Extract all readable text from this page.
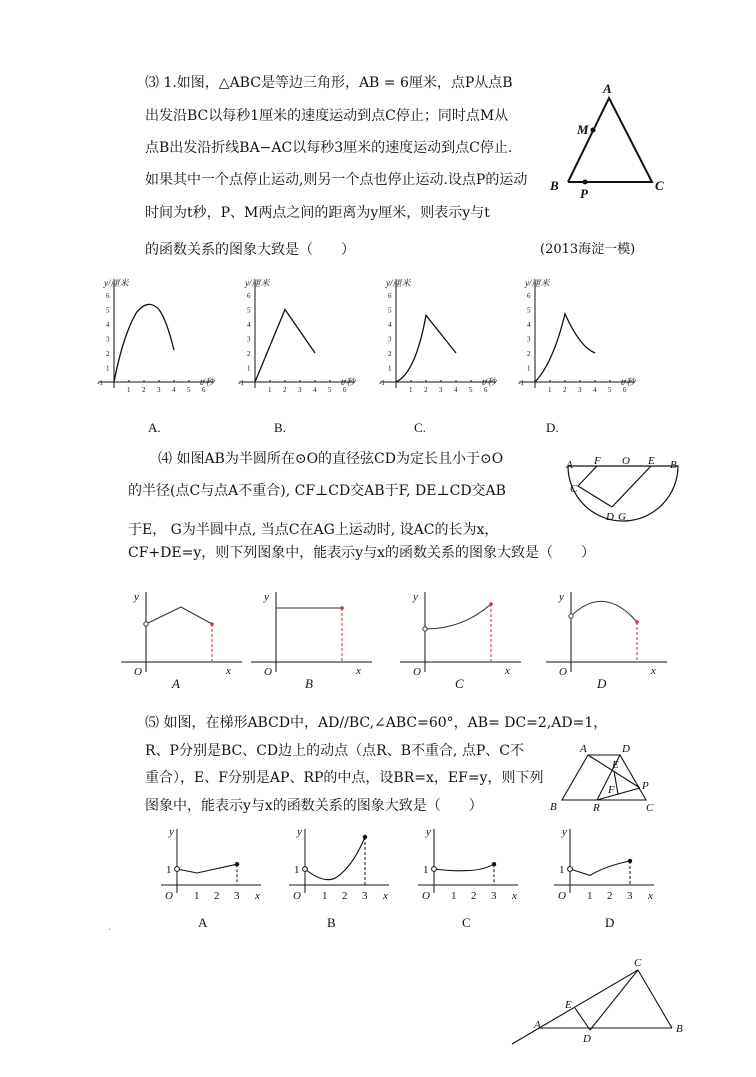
⑶ 1.如图，△ABC是等边三角形，AB = 6厘米，点P从点B
出发沿BC以每秒1厘米的速度运动到点C停止；同时点M从
点B出发沿折线BA−AC以每秒3厘米的速度运动到点C停止.
如果其中一个点停止运动,则另一个点也停止运动.设点P的运动
时间为t秒，P、M两点之间的距离为y厘米，则表示y与t
的函数关系的图象大致是（　　）	(2013海淀一模)
A
M
B
P
C
y/厘米
t/秒
-1
1
2
3
4
5
6
1 2 3 4 5 6
y/厘米
t/秒
-1
1
2
3
4
5
6
1 2 3 4 5 6
y/厘米
t/秒
-1
1
2
3
4
5
6
1 2 3 4 5 6
y/厘米
t/秒
-1
1
2
3
4
5
6
1 2 3 4 5 6
A F O E B
C
D G
y
x
O
y
x
O
y
x
O
y
x
O
A	D
E
F P
B	R	C
y
x
O
1
1 2 3
y
x
O
1
1 2 3
y
x
O
1
1 2 3
y
x
O
1
1 2 3
C
E
A
D
B
A.	B.	C.	D.
⑷ 如图AB为半圆所在⊙O的直径弦CD为定长且小于⊙O
的半径(点C与点A不重合), CF⊥CD交AB于F, DE⊥CD交AB
于E， G为半圆中点, 当点C在AG上运动时, 设AC的长为x，
CF+DE=y，则下列图象中，能表示y与x的函数关系的图象大致是（　　）
A	B	C	D
⑸ 如图，在梯形ABCD中，AD//BC,∠ABC=60°，AB= DC=2,AD=1，
R、P分别是BC、CD边上的动点（点R、B不重合, 点P、C不
重合），E、F分别是AP、RP的中点，设BR=x，EF=y，则下列
图象中，能表示y与x的函数关系的图象大致是（　　）
A	B	C	D
.
